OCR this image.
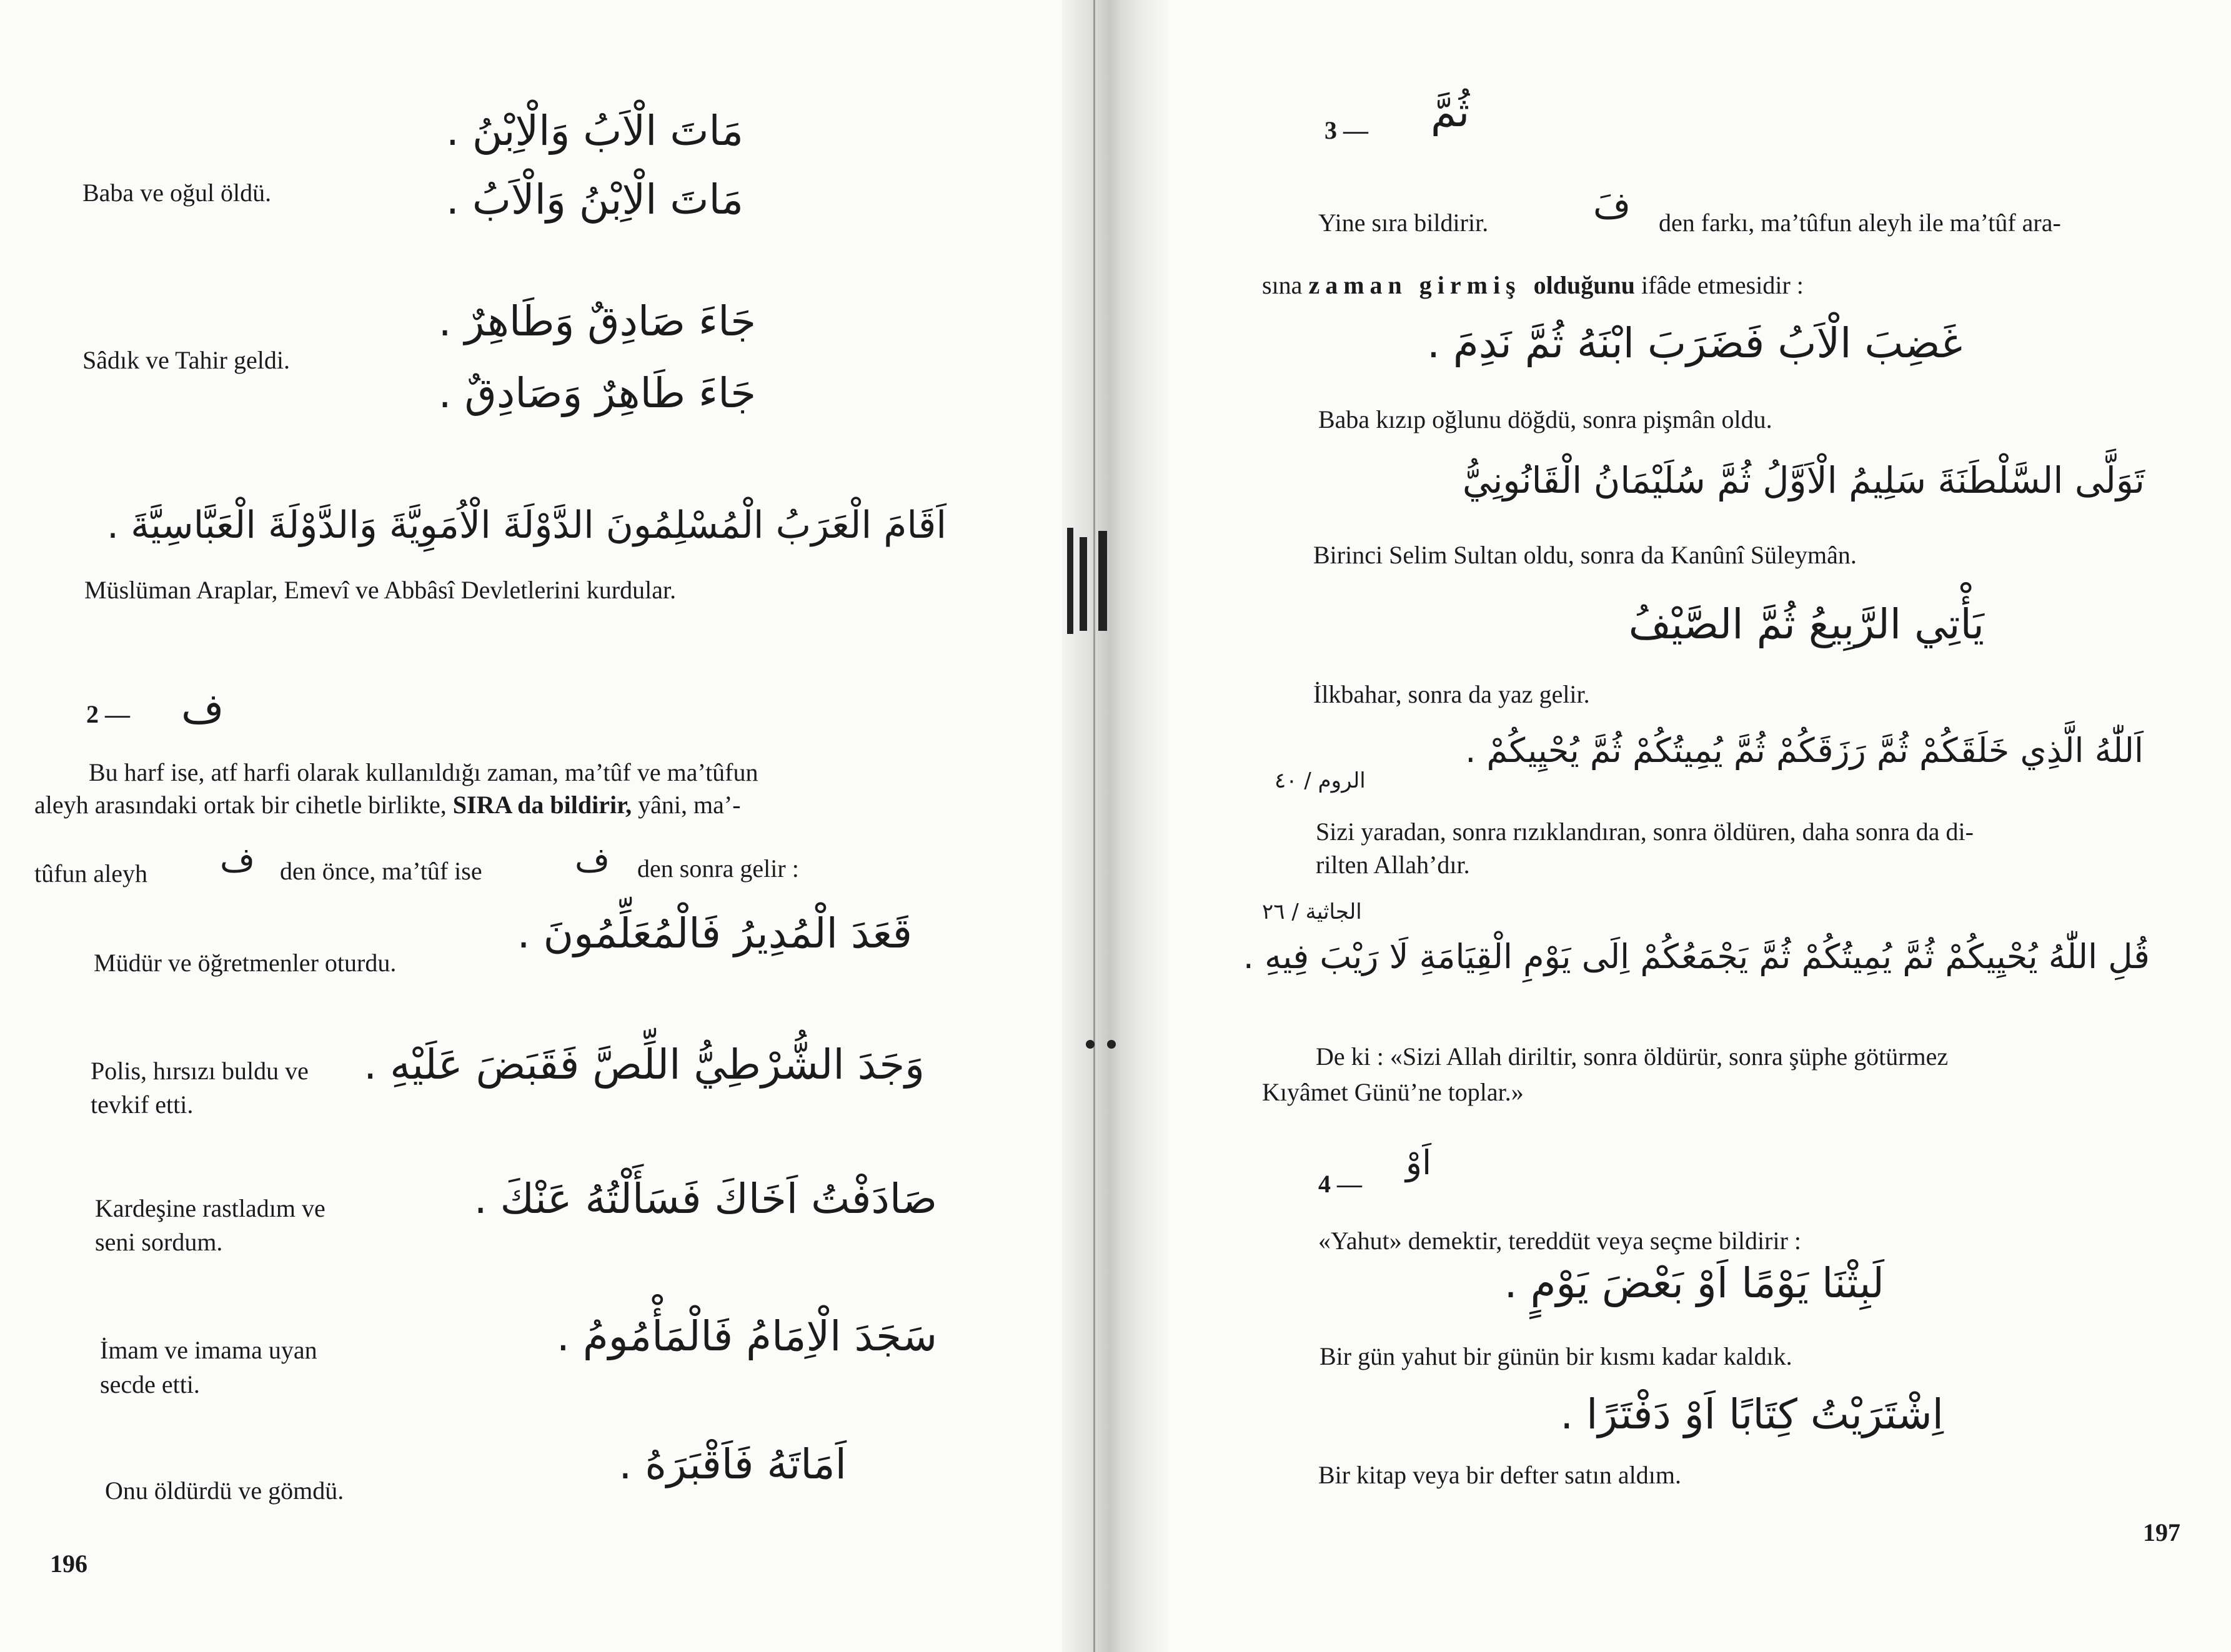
مَاتَ الْاَبُ وَالْاِبْنُ .
مَاتَ الْاِبْنُ وَالْاَبُ .
Baba ve oğul öldü.
جَاءَ صَادِقٌ وَطَاهِرٌ .
جَاءَ طَاهِرٌ وَصَادِقٌ .
Sâdık ve Tahir geldi.
اَقَامَ الْعَرَبُ الْمُسْلِمُونَ الدَّوْلَةَ الْاُمَوِيَّةَ وَالدَّوْلَةَ الْعَبَّاسِيَّةَ .
Müslüman Araplar, Emevî ve Abbâsî Devletlerini kurdular.
2 — ف
Bu harf ise, atf harfi olarak kullanıldığı zaman, ma’tûf ve ma’tûfun
aleyh arasındaki ortak bir cihetle birlikte, SIRA da bildirir, yâni, ma’-
tûfun aleyh ف den önce, ma’tûf ise	ف den sonra gelir :
Müdür ve öğretmenler oturdu.
قَعَدَ الْمُدِيرُ فَالْمُعَلِّمُونَ .
Polis, hırsızı buldu ve
tevkif etti.
وَجَدَ الشُّرْطِيُّ اللِّصَّ فَقَبَضَ عَلَيْهِ .
Kardeşine rastladım ve
seni sordum.
صَادَفْتُ اَخَاكَ فَسَأَلْتُهُ عَنْكَ .
İmam ve imama uyan
secde etti.
سَجَدَ الْاِمَامُ فَالْمَأْمُومُ .
Onu öldürdü ve gömdü.
اَمَاتَهُ فَاَقْبَرَهُ .
196
3 — ثُمَّ
Yine sıra bildirir.	فَ den farkı, ma’tûfun aleyh ile ma’tûf ara-
sına zaman girmiş olduğunu ifâde etmesidir :
غَضِبَ الْاَبُ فَضَرَبَ ابْنَهُ ثُمَّ نَدِمَ .
Baba kızıp oğlunu döğdü, sonra pişmân oldu.
تَوَلَّى السَّلْطَنَةَ سَلِيمُ الْاَوَّلُ ثُمَّ سُلَيْمَانُ الْقَانُونِيُّ
Birinci Selim Sultan oldu, sonra da Kanûnî Süleymân.
يَأْتِي الرَّبِيعُ ثُمَّ الصَّيْفُ
İlkbahar, sonra da yaz gelir.
اَللّٰهُ الَّذِي خَلَقَكُمْ ثُمَّ رَزَقَكُمْ ثُمَّ يُمِيتُكُمْ ثُمَّ يُحْيِيكُمْ .
الروم / ٤٠
Sizi yaradan, sonra rızıklandıran, sonra öldüren, daha sonra da di-
rilten Allah’dır.
الجاثية / ٢٦
قُلِ اللّٰهُ يُحْيِيكُمْ ثُمَّ يُمِيتُكُمْ ثُمَّ يَجْمَعُكُمْ اِلَى يَوْمِ الْقِيَامَةِ لَا رَيْبَ فِيهِ .
De ki : «Sizi Allah diriltir, sonra öldürür, sonra şüphe götürmez
Kıyâmet Günü’ne toplar.»
4 —
اَوْ
«Yahut» demektir, tereddüt veya seçme bildirir :
لَبِثْنَا يَوْمًا اَوْ بَعْضَ يَوْمٍ .
Bir gün yahut bir günün bir kısmı kadar kaldık.
اِشْتَرَيْتُ كِتَابًا اَوْ دَفْتَرًا .
Bir kitap veya bir defter satın aldım.
197
